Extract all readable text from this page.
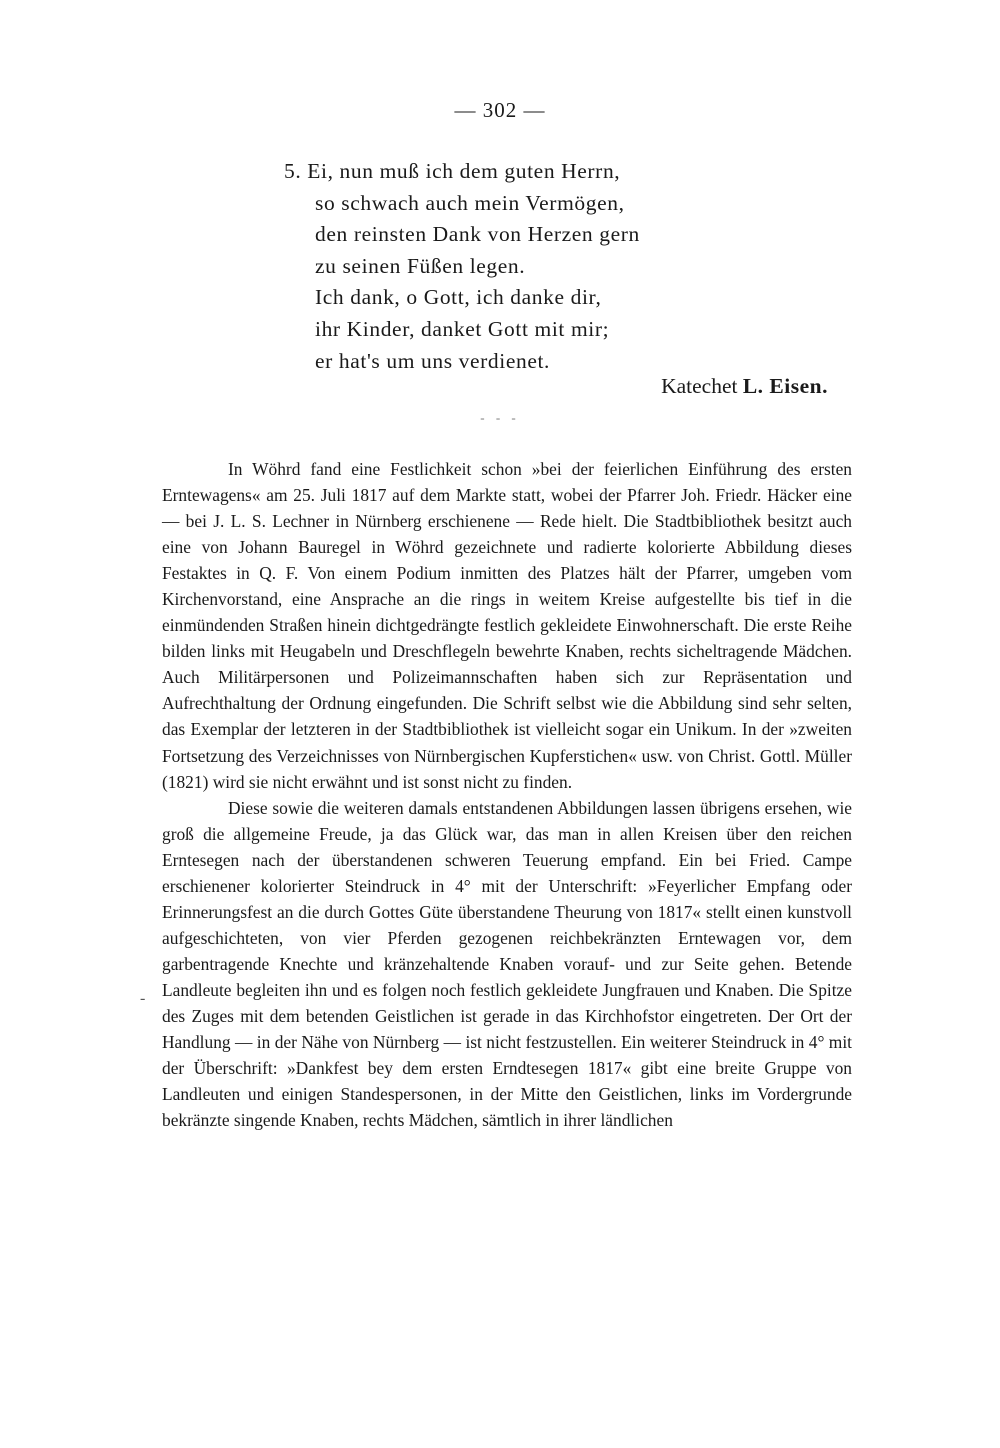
— 302 —
5. Ei, nun muß ich dem guten Herrn,
so schwach auch mein Vermögen,
den reinsten Dank von Herzen gern
zu seinen Füßen legen.
Ich dank, o Gott, ich danke dir,
ihr Kinder, danket Gott mit mir;
er hat's um uns verdienet.
Katechet L. Eisen.
- - -

In Wöhrd fand eine Festlichkeit schon »bei der feierlichen Einführung des ersten Erntewagens« am 25. Juli 1817 auf dem Markte statt, wobei der Pfarrer Joh. Friedr. Häcker eine — bei J. L. S. Lechner in Nürnberg erschienene — Rede hielt. Die Stadtbibliothek besitzt auch eine von Johann Bauregel in Wöhrd gezeichnete und radierte kolorierte Abbildung dieses Festaktes in Q. F. Von einem Podium inmitten des Platzes hält der Pfarrer, umgeben vom Kirchenvorstand, eine Ansprache an die rings in weitem Kreise aufgestellte bis tief in die einmündenden Straßen hinein dichtgedrängte festlich gekleidete Einwohnerschaft. Die erste Reihe bilden links mit Heugabeln und Dreschflegeln bewehrte Knaben, rechts sicheltragende Mädchen. Auch Militärpersonen und Polizeimannschaften haben sich zur Repräsentation und Aufrechthaltung der Ordnung eingefunden. Die Schrift selbst wie die Abbildung sind sehr selten, das Exemplar der letzteren in der Stadtbibliothek ist vielleicht sogar ein Unikum. In der »zweiten Fortsetzung des Verzeichnisses von Nürnbergischen Kupferstichen« usw. von Christ. Gottl. Müller (1821) wird sie nicht erwähnt und ist sonst nicht zu finden.

Diese sowie die weiteren damals entstandenen Abbildungen lassen übrigens ersehen, wie groß die allgemeine Freude, ja das Glück war, das man in allen Kreisen über den reichen Erntesegen nach der überstandenen schweren Teuerung empfand. Ein bei Fried. Campe erschienener kolorierter Steindruck in 4° mit der Unterschrift: »Feyerlicher Empfang oder Erinnerungsfest an die durch Gottes Güte überstandene Theurung von 1817« stellt einen kunstvoll aufgeschichteten, von vier Pferden gezogenen reichbekränzten Erntewagen vor, dem garbentragende Knechte und kränzehaltende Knaben vorauf- und zur Seite gehen. Betende Landleute begleiten ihn und es folgen noch festlich gekleidete Jungfrauen und Knaben. Die Spitze des Zuges mit dem betenden Geistlichen ist gerade in das Kirchhofstor eingetreten. Der Ort der Handlung — in der Nähe von Nürnberg — ist nicht festzustellen. Ein weiterer Steindruck in 4° mit der Überschrift: »Dankfest bey dem ersten Erndtesegen 1817« gibt eine breite Gruppe von Landleuten und einigen Standespersonen, in der Mitte den Geistlichen, links im Vordergrunde bekränzte singende Knaben, rechts Mädchen, sämtlich in ihrer ländlichen

-
